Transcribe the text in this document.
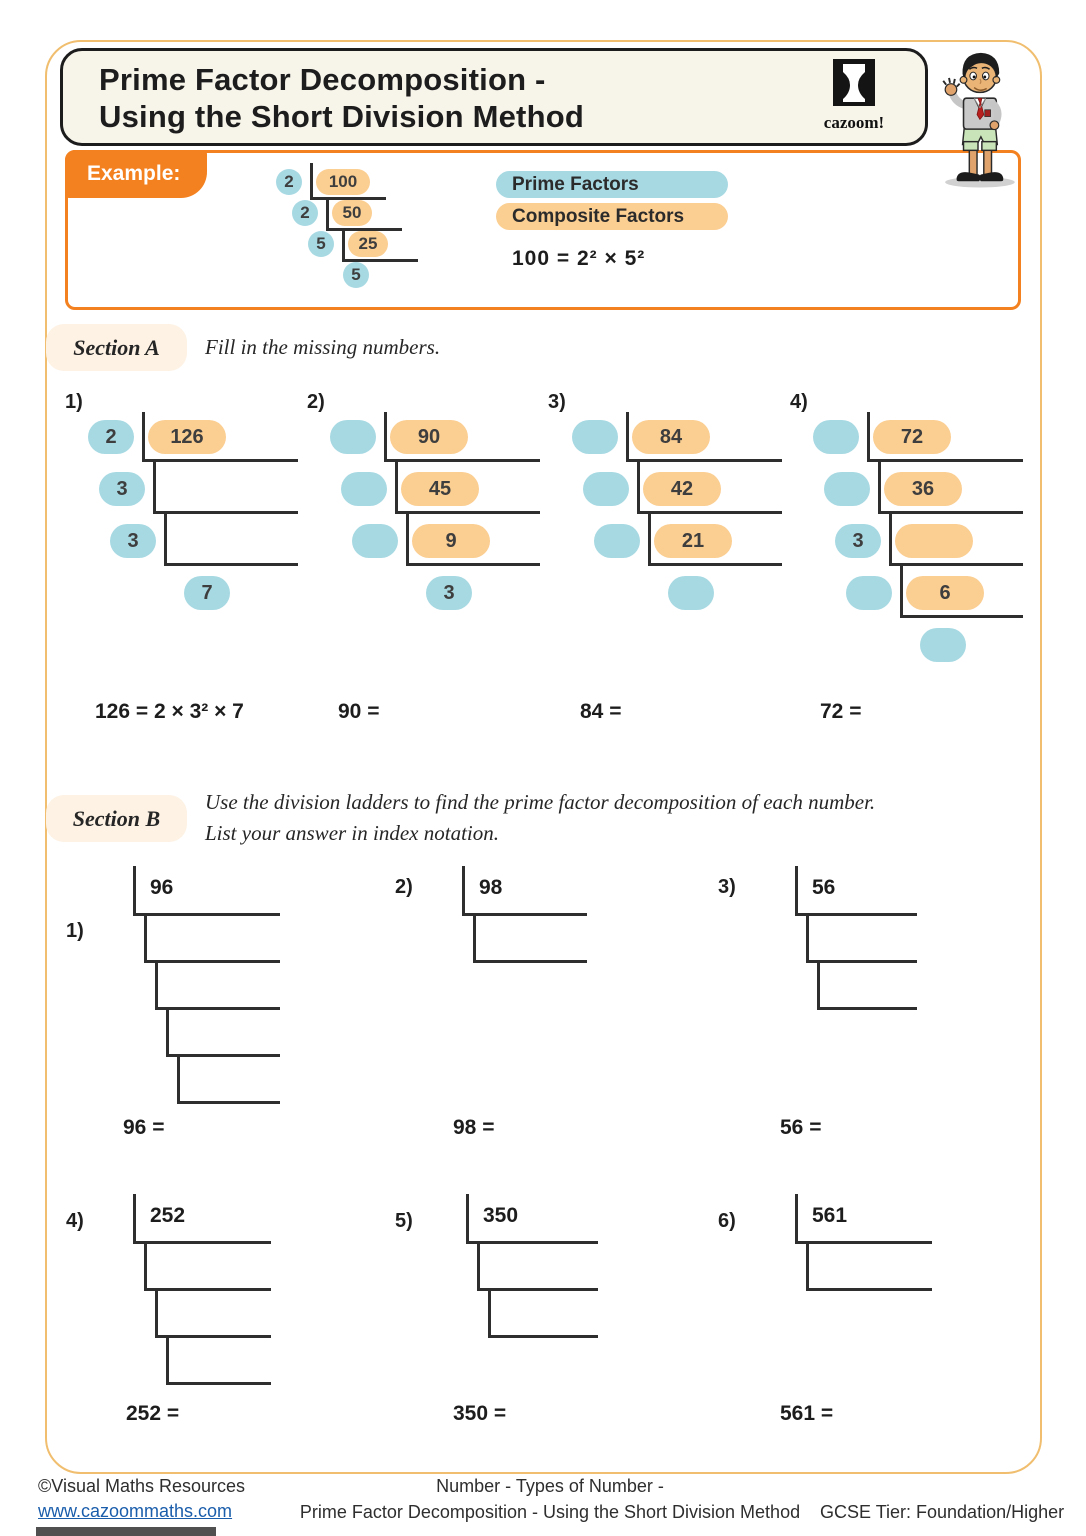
Prime Factor Decomposition -
Using the Short Division Method	cazoom!
Example:	2	100
2	50
5	25
5
Prime Factors
Composite Factors
100 = 2² × 5²
Section A	Fill in the missing numbers.
1)
2	126
3
3
7
126 = 2 × 3² × 7
2)
90
45
9
3
90 =
3)
84
42
21
84 =
4)
72
36
3
6
72 =
Section B
Use the division ladders to find the prime factor decomposition of each number.
List your answer in index notation.
1)
96
96 =
2)	98
98 =
3)	56
56 =
4)	252
252 =
5)	350
350 =
6)	561
561 =
©Visual Maths Resources
www.cazoommaths.com
Number - Types of Number -
Prime Factor Decomposition - Using the Short Division Method	GCSE Tier: Foundation/Higher
